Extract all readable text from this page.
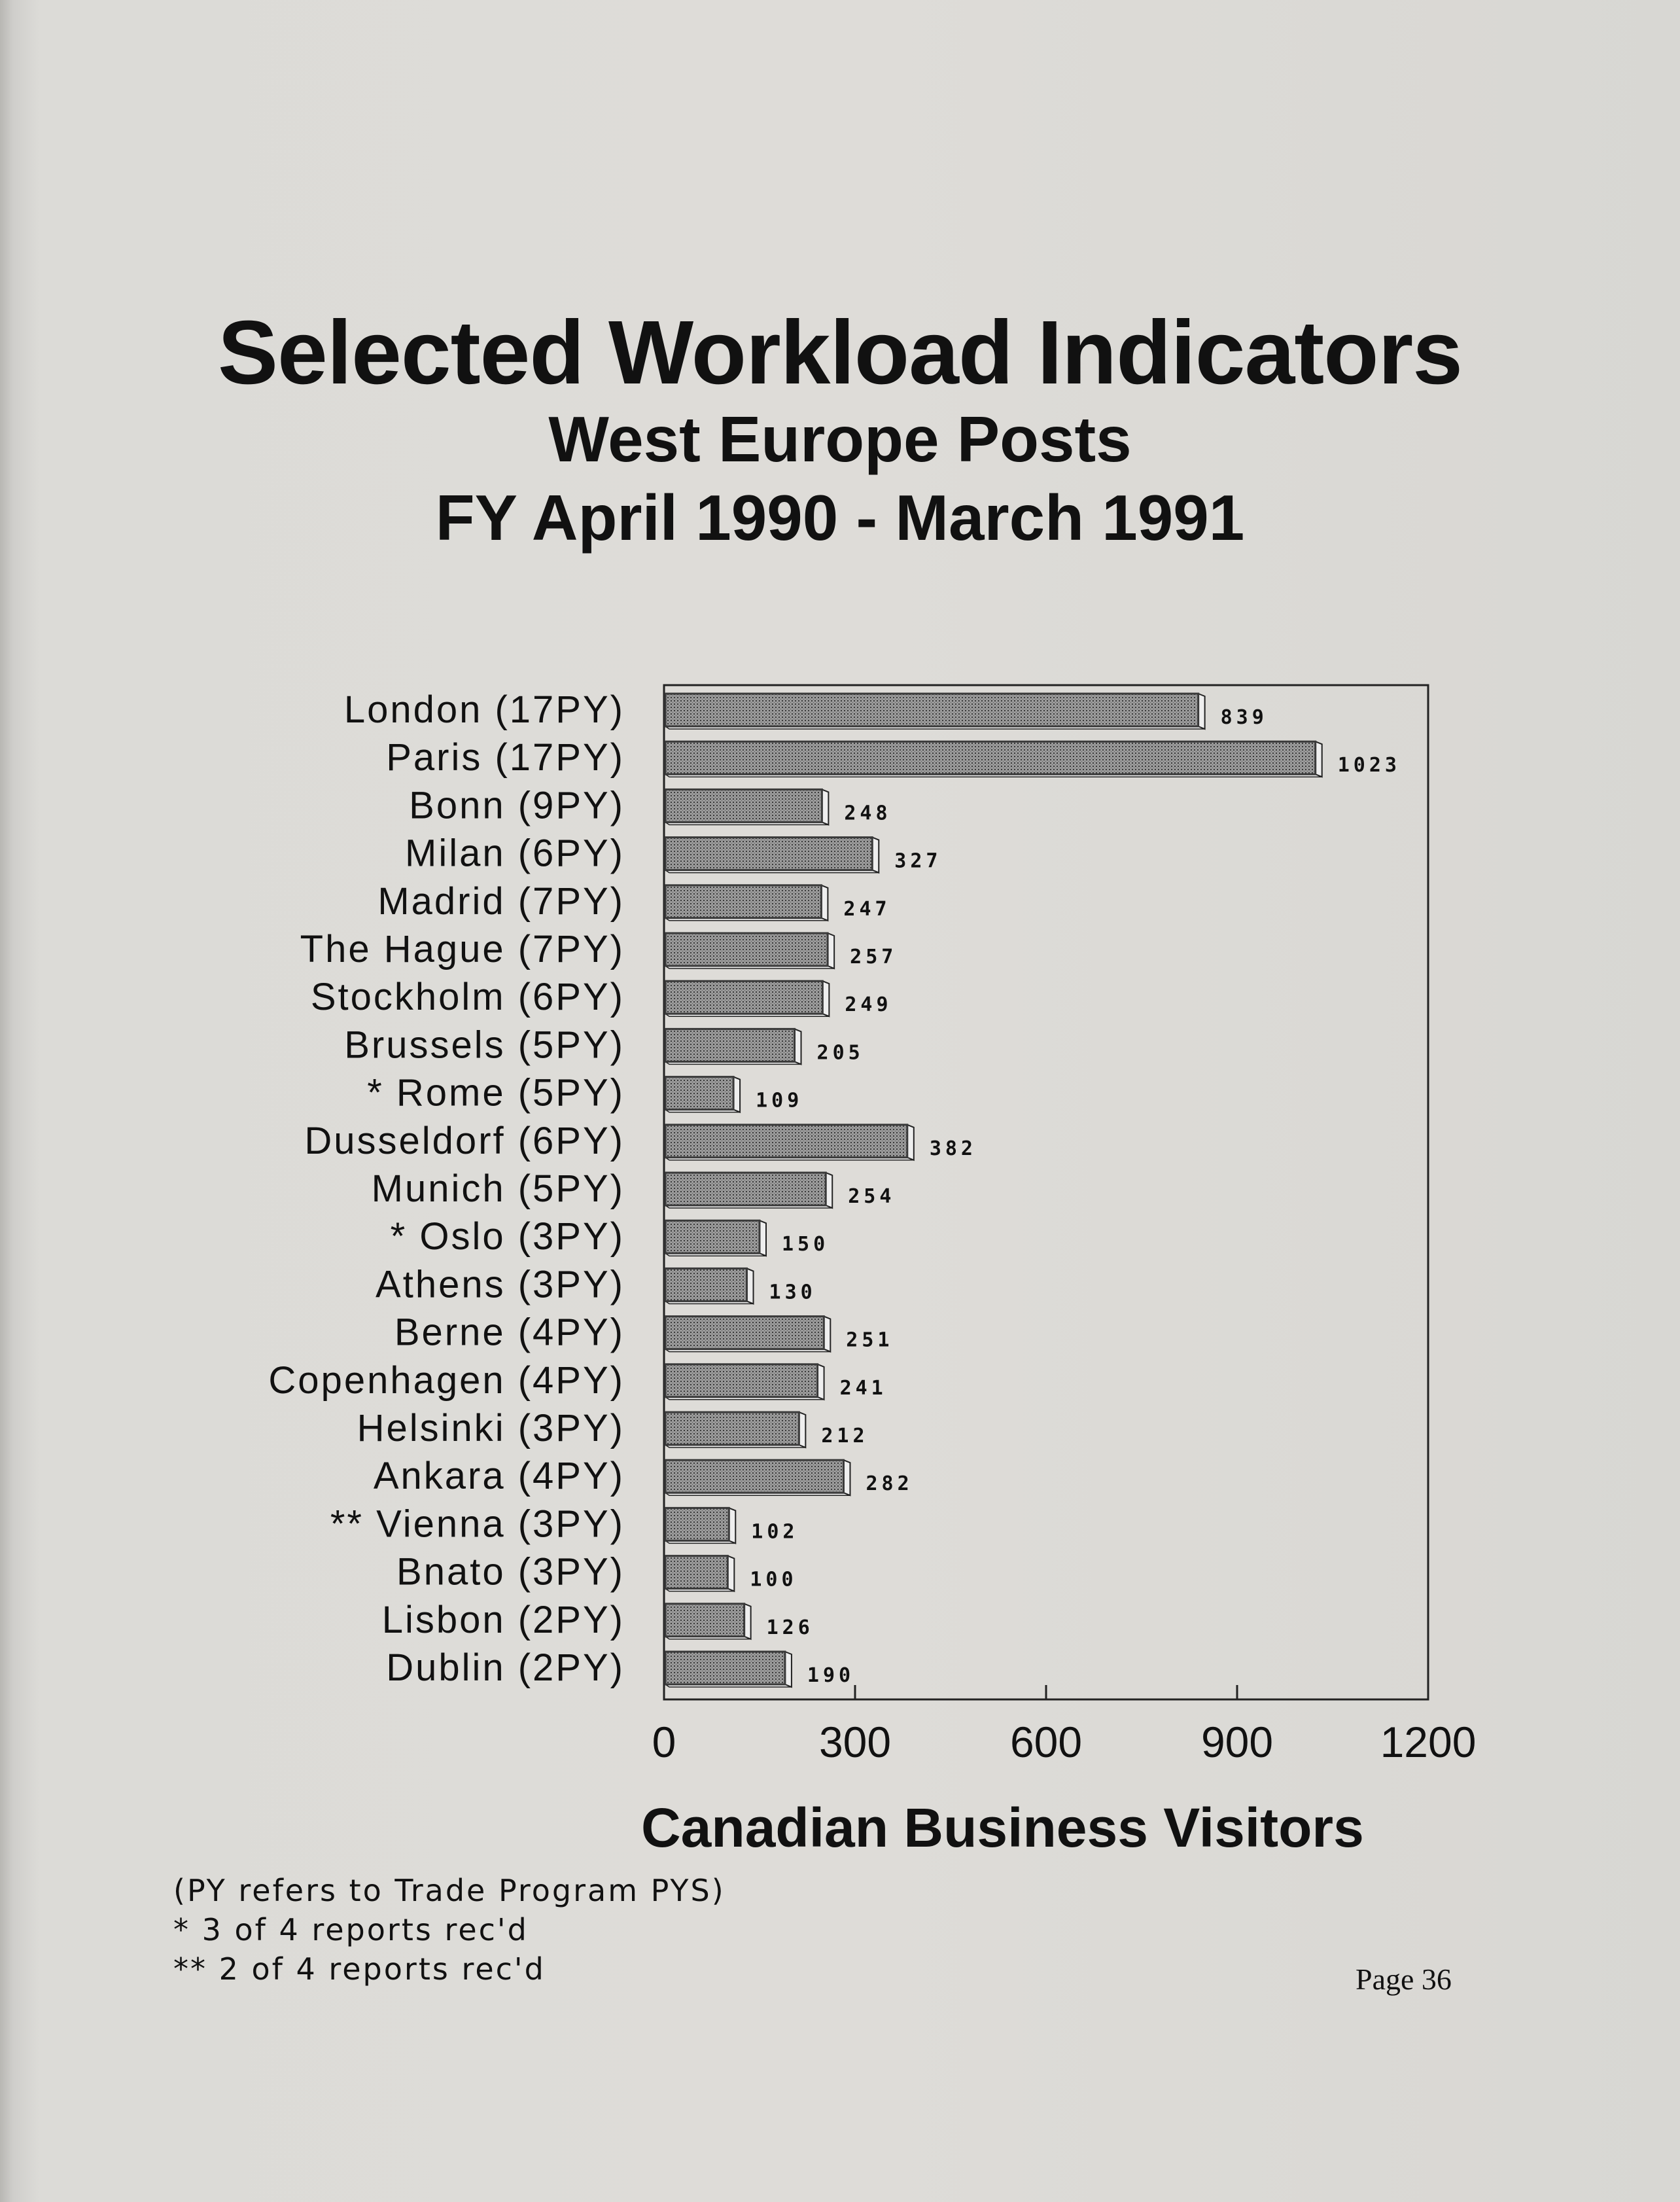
Selected Workload Indicators
West Europe Posts
FY April 1990 - March 1991
0	300	600	900 1200
London (17PY)	839
Paris (17PY)	1023
Bonn (9PY)	248
Milan (6PY)	327
Madrid (7PY)	247
The Hague (7PY)	257
Stockholm (6PY)	249
Brussels (5PY)	205
* Rome (5PY)	109
Dusseldorf (6PY)	382
Munich (5PY)	254
* Oslo (3PY)	150
Athens (3PY)	130
Berne (4PY)	251
Copenhagen (4PY)	241
Helsinki (3PY)	212
Ankara (4PY)	282
** Vienna (3PY)	102
Bnato (3PY)	100
Lisbon (2PY)	126
Dublin (2PY)	190
Canadian Business Visitors
(PY refers to Trade Program PYS)
* 3 of 4 reports rec'd
** 2 of 4 reports rec'd	Page 36
